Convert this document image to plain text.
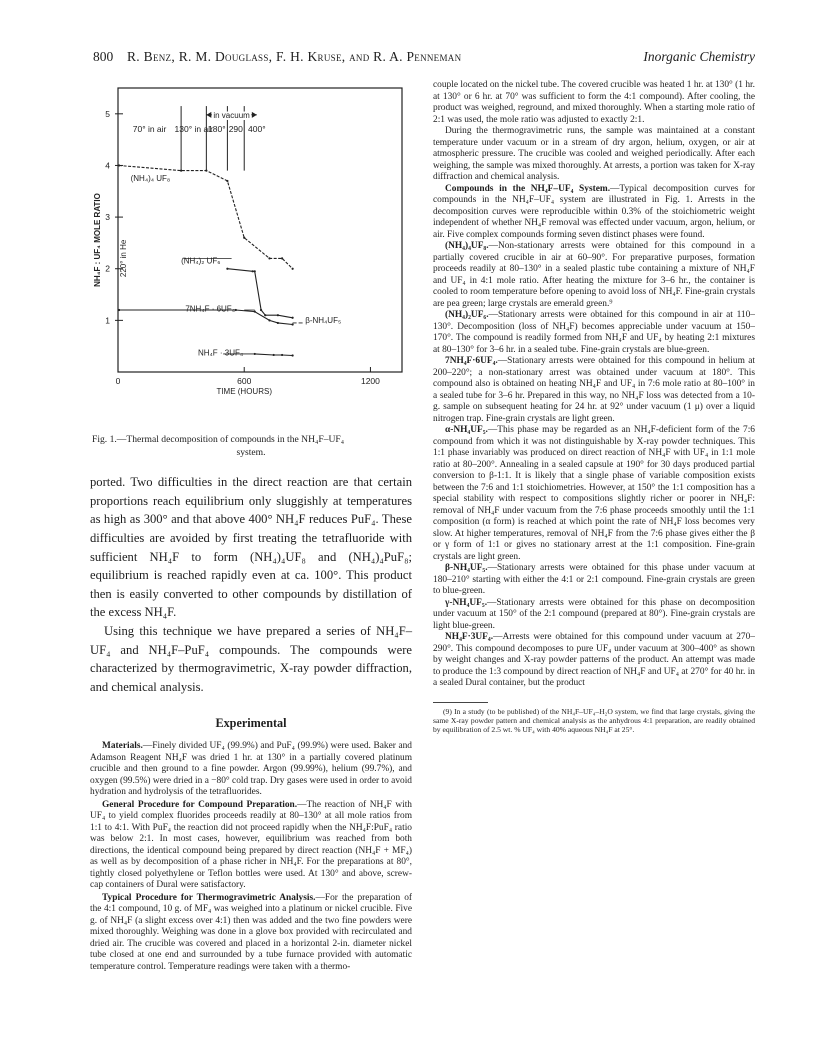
800 R. Benz, R. M. Douglass, F. H. Kruse, and R. A. Penneman	Inorganic Chemistry
1
2
3
4
5
0	600	1200
TIME (HOURS)
NH₄F : UF₄ MOLE RATIO 220° in He
70° in air 130° in air
180° 290 400°
in vacuum
(NH₄)₄ UF₈
(NH₄)₂ UF₆
7NH₄F · 6UF₄
β-NH₄UF₅
NH₄F · 3UF₄
Fig. 1.—Thermal decomposition of compounds in the NH₄F–UF₄
system.

ported. Two difficulties in the direct reaction are that certain proportions reach equilibrium only sluggishly at temperatures as high as 300° and that above 400° NH₄F reduces PuF₄. These difficulties are avoided by first treating the tetrafluoride with sufficient NH₄F to form (NH₄)₄UF₈ and (NH₄)₄PuF₈; equilibrium is reached rapidly even at ca. 100°. This product then is easily converted to other compounds by distillation of the excess NH₄F.

Using this technique we have prepared a series of NH₄F–UF₄ and NH₄F–PuF₄ compounds. The compounds were characterized by thermogravimetric, X-ray powder diffraction, and chemical analysis.

Experimental

Materials.—Finely divided UF₄ (99.9%) and PuF₄ (99.9%) were used. Baker and Adamson Reagent NH₄F was dried 1 hr. at 130° in a partially covered platinum crucible and then ground to a fine powder. Argon (99.99%), helium (99.7%), and oxygen (99.5%) were dried in a −80° cold trap. Dry gases were used in order to avoid hydration and hydrolysis of the tetrafluorides.

General Procedure for Compound Preparation.—The reaction of NH₄F with UF₄ to yield complex fluorides proceeds readily at 80–130° at all mole ratios from 1:1 to 4:1. With PuF₄ the reaction did not proceed rapidly when the NH₄F:PuF₄ ratio was below 2:1. In most cases, however, equilibrium was reached from both directions, the identical compound being prepared by direct reaction (NH₄F + MF₄) as well as by decomposition of a phase richer in NH₄F. For the preparations at 80°, tightly closed polyethylene or Teflon bottles were used. At 130° and above, screw-cap containers of Dural were satisfactory.

Typical Procedure for Thermogravimetric Analysis.—For the preparation of the 4:1 compound, 10 g. of MF₄ was weighed into a platinum or nickel crucible. Five g. of NH₄F (a slight excess over 4:1) then was added and the two fine powders were mixed thoroughly. Weighing was done in a glove box provided with recirculated and dried air. The crucible was covered and placed in a horizontal 2-in. diameter nickel tube closed at one end and surrounded by a tube furnace provided with automatic temperature control. Temperature readings were taken with a thermo-

couple located on the nickel tube. The covered crucible was heated 1 hr. at 130° (1 hr. at 130° or 6 hr. at 70° was sufficient to form the 4:1 compound). After cooling, the product was weighed, reground, and mixed thoroughly. When a starting mole ratio of 2:1 was used, the mole ratio was adjusted to exactly 2:1.

During the thermogravimetric runs, the sample was maintained at a constant temperature under vacuum or in a stream of dry argon, helium, oxygen, or air at atmospheric pressure. The crucible was cooled and weighed periodically. After each weighing, the sample was mixed thoroughly. At arrests, a portion was taken for X-ray diffraction and chemical analysis.

Compounds in the NH₄F–UF₄ System.—Typical decomposition curves for compounds in the NH₄F–UF₄ system are illustrated in Fig. 1. Arrests in the decomposition curves were reproducible within 0.3% of the stoichiometric weight independent of whether NH₄F removal was effected under vacuum, argon, helium, or air. Five complex compounds forming seven distinct phases were found.

(NH₄)₄UF₈.—Non-stationary arrests were obtained for this compound in a partially covered crucible in air at 60–90°. For preparative purposes, formation proceeds readily at 80–130° in a sealed plastic tube containing a mixture of NH₄F and UF₄ in 4:1 mole ratio. After heating the mixture for 3–6 hr., the container is cooled to room temperature before opening to avoid loss of NH₄F. Fine-grain crystals are pea green; large crystals are emerald green.⁹

(NH₄)₂UF₆.—Stationary arrests were obtained for this compound in air at 110–130°. Decomposition (loss of NH₄F) becomes appreciable under vacuum at 150–170°. The compound is readily formed from NH₄F and UF₄ by heating 2:1 mixtures at 80–130° for 3–6 hr. in a sealed tube. Fine-grain crystals are blue-green.

7NH₄F·6UF₄.—Stationary arrests were obtained for this compound in helium at 200–220°; a non-stationary arrest was obtained under vacuum at 180°. This compound also is obtained on heating NH₄F and UF₄ in 7:6 mole ratio at 80–100° in a sealed tube for 3–6 hr. Prepared in this way, no NH₄F loss was detected from a 10-g. sample on subsequent heating for 24 hr. at 92° under vacuum (1 μ) over a liquid nitrogen trap. Fine-grain crystals are light green.

α-NH₄UF₅.—This phase may be regarded as an NH₄F-deficient form of the 7:6 compound from which it was not distinguishable by X-ray powder techniques. This 1:1 phase invariably was produced on direct reaction of NH₄F with UF₄ in 1:1 mole ratio at 80–200°. Annealing in a sealed capsule at 190° for 30 days produced partial conversion to β-1:1. It is likely that a single phase of variable composition exists between the 7:6 and 1:1 stoichiometries. However, at 150° the 1:1 composition has a special stability with respect to compositions slightly richer or poorer in NH₄F: removal of NH₄F under vacuum from the 7:6 phase proceeds smoothly until the 1:1 composition (α form) is reached at which point the rate of NH₄F loss becomes very slow. At higher temperatures, removal of NH₄F from the 7:6 phase gives either the β or γ form of 1:1 or gives no stationary arrest at the 1:1 composition. Fine-grain crystals are light green.

β-NH₄UF₅.—Stationary arrests were obtained for this phase under vacuum at 180–210° starting with either the 4:1 or 2:1 compound. Fine-grain crystals are green to blue-green.

γ-NH₄UF₅.—Stationary arrests were obtained for this phase on decomposition under vacuum at 150° of the 2:1 compound (prepared at 80°). Fine-grain crystals are light blue-green.

NH₄F·3UF₄.—Arrests were obtained for this compound under vacuum at 270–290°. This compound decomposes to pure UF₄ under vacuum at 300–400° as shown by weight changes and X-ray powder patterns of the product. An attempt was made to produce the 1:3 compound by direct reaction of NH₄F and UF₄ at 270° for 40 hr. in a sealed Dural container, but the product

(9) In a study (to be published) of the NH₄F–UF₄–H₂O system, we find that large crystals, giving the same X-ray powder pattern and chemical analysis as the anhydrous 4:1 preparation, are readily obtained by equilibration of 2.5 wt. % UF₄ with 40% aqueous NH₄F at 25°.
